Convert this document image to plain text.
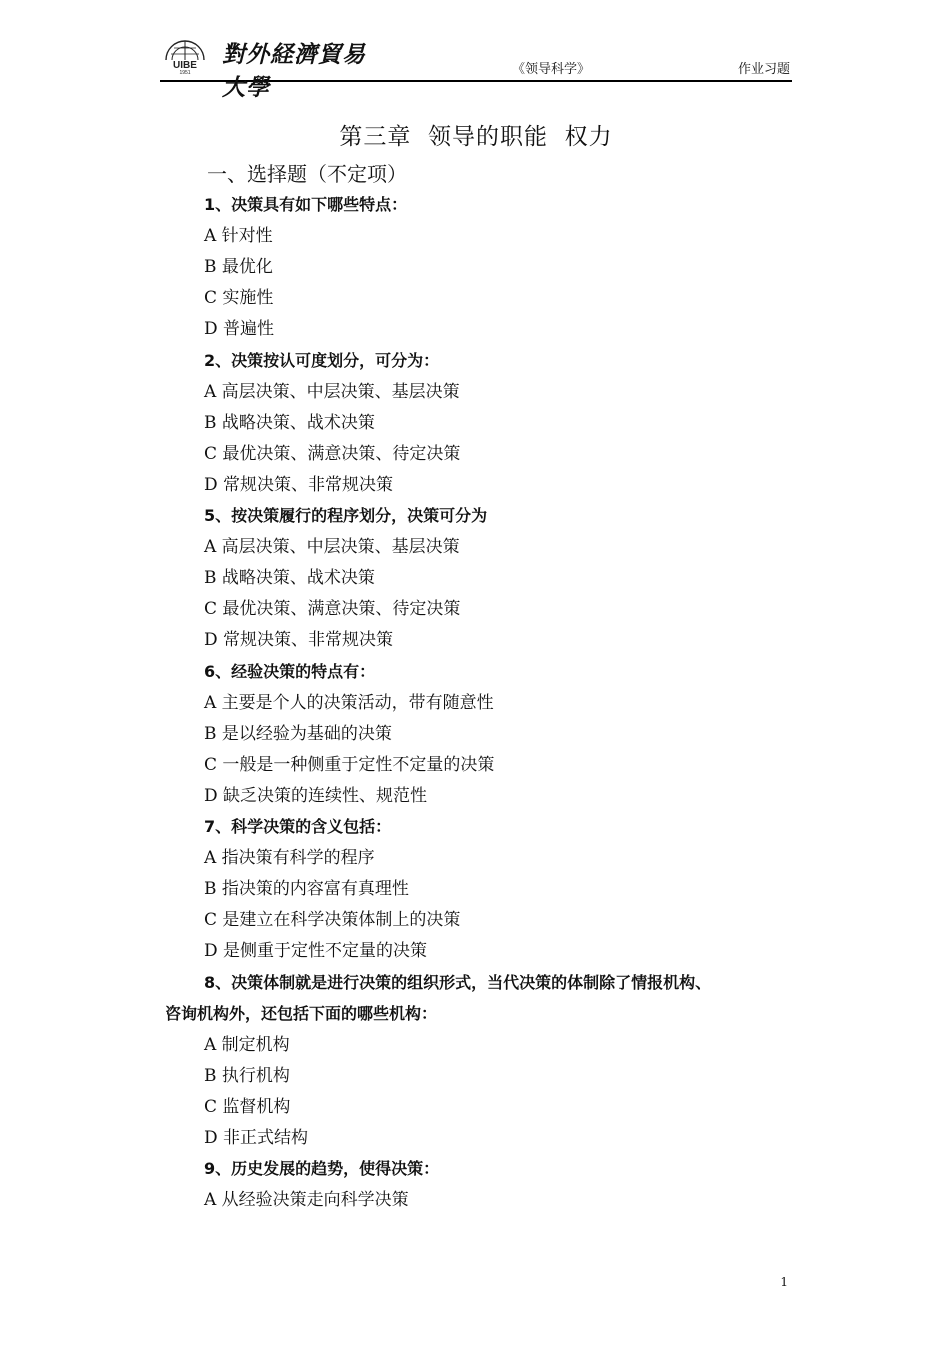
UIBE
1951
對外経濟貿易大學
《领导科学》	作业习题
第三章  领导的职能  权力
一、选择题（不定项）
1、决策具有如下哪些特点：
A 针对性
B 最优化
C 实施性
D 普遍性
2、决策按认可度划分，可分为：
A 高层决策、中层决策、基层决策
B 战略决策、战术决策
C 最优决策、满意决策、待定决策
D 常规决策、非常规决策
5、按决策履行的程序划分，决策可分为
A 高层决策、中层决策、基层决策
B 战略决策、战术决策
C 最优决策、满意决策、待定决策
D 常规决策、非常规决策
6、经验决策的特点有：
A 主要是个人的决策活动，带有随意性
B 是以经验为基础的决策
C 一般是一种侧重于定性不定量的决策
D 缺乏决策的连续性、规范性
7、科学决策的含义包括：
A 指决策有科学的程序
B 指决策的内容富有真理性
C 是建立在科学决策体制上的决策
D 是侧重于定性不定量的决策
8、决策体制就是进行决策的组织形式，当代决策的体制除了情报机构、
咨询机构外，还包括下面的哪些机构：
A 制定机构
B 执行机构
C 监督机构
D 非正式结构
9、历史发展的趋势，使得决策：
A 从经验决策走向科学决策
1
